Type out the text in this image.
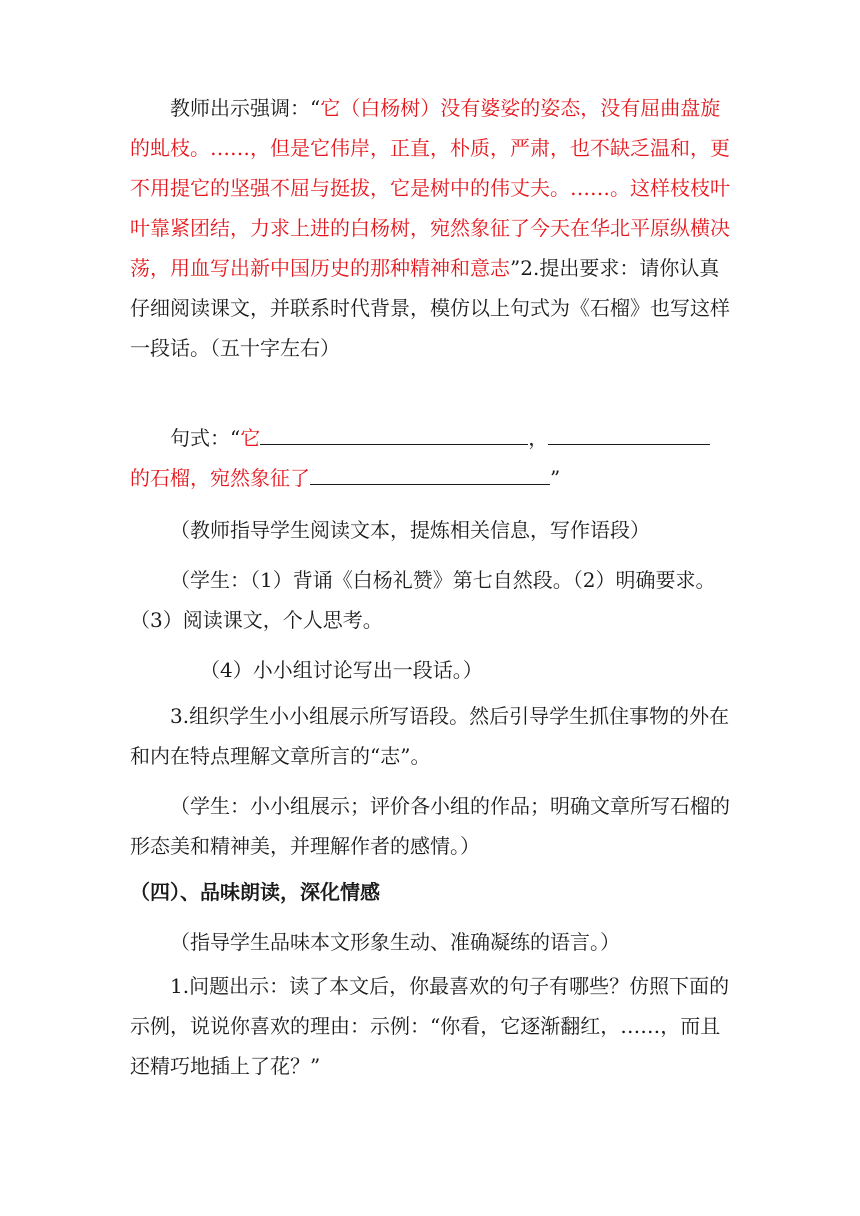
教师出示强调：“它（白杨树）没有婆娑的姿态，没有屈曲盘旋的虬枝。……，但是它伟岸，正直，朴质，严肃，也不缺乏温和，更不用提它的坚强不屈与挺拔，它是树中的伟丈夫。……。这样枝枝叶叶靠紧团结，力求上进的白杨树，宛然象征了今天在华北平原纵横决荡，用血写出新中国历史的那种精神和意志”2.提出要求：请你认真仔细阅读课文，并联系时代背景，模仿以上句式为《石榴》也写这样一段话。（五十字左右）

句式：“它	，的石榴，宛然象征了	”

（教师指导学生阅读文本，提炼相关信息，写作语段）

（学生：（1）背诵《白杨礼赞》第七自然段。（2）明确要求。（3）阅读课文，个人思考。

（4）小小组讨论写出一段话。）

3.组织学生小小组展示所写语段。然后引导学生抓住事物的外在和内在特点理解文章所言的“志”。

（学生：小小组展示；评价各小组的作品；明确文章所写石榴的形态美和精神美，并理解作者的感情。）

（四）、品味朗读，深化情感

（指导学生品味本文形象生动、准确凝练的语言。）

1.问题出示：读了本文后，你最喜欢的句子有哪些？仿照下面的示例，说说你喜欢的理由：示例：“你看，它逐渐翻红，……，而且还精巧地插上了花？”
